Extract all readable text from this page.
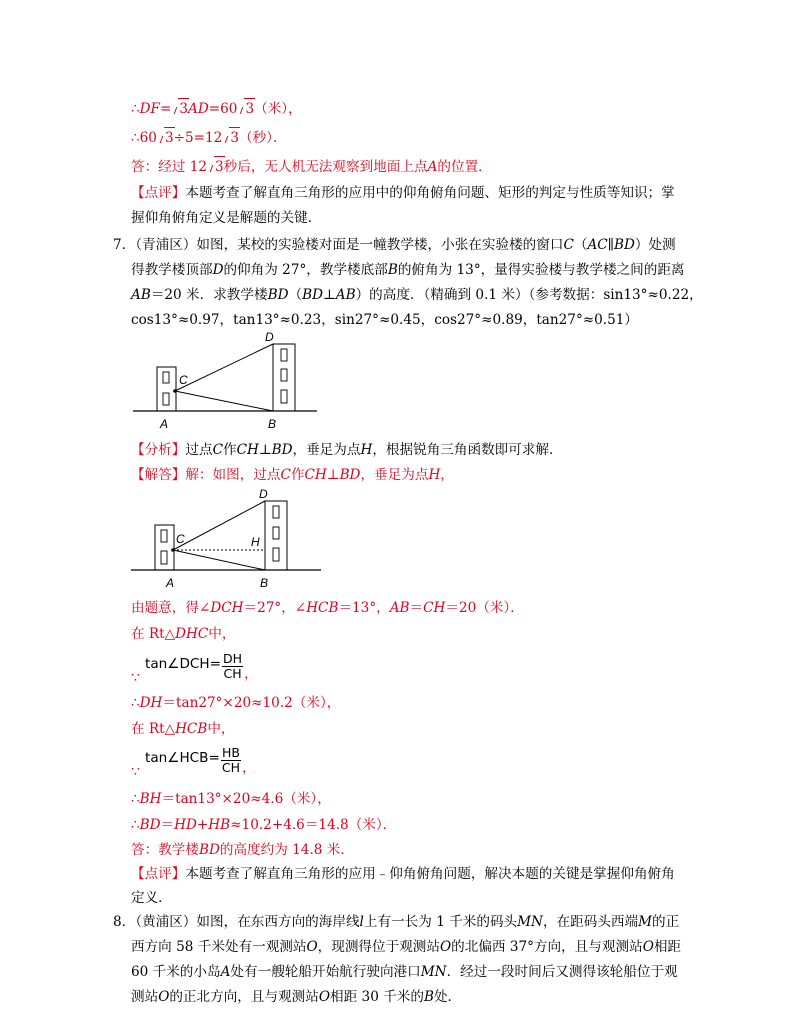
∴DF= 3AD=60 3（米），
∴60 3÷5=12 3（秒）．
答：经过 12 3秒后，无人机无法观察到地面上点A的位置．
【点评】本题考查了解直角三角形的应用中的仰角俯角问题、矩形的判定与性质等知识；掌
握仰角俯角定义是解题的关键．
7．（青浦区）如图，某校的实验楼对面是一幢教学楼，小张在实验楼的窗口C（AC∥BD）处测
得教学楼顶部D的仰角为 27°，教学楼底部B的俯角为 13°，量得实验楼与教学楼之间的距离
AB＝20 米．求教学楼BD（BD⊥AB）的高度．（精确到 0.1 米）（参考数据：sin13°≈0.22，
cos13°≈0.97，tan13°≈0.23，sin27°≈0.45，cos27°≈0.89，tan27°≈0.51）
D
C
A	B
【分析】过点C作CH⊥BD，垂足为点H，根据锐角三角函数即可求解．
【解答】解：如图，过点C作CH⊥BD，垂足为点H，
D
C	H
A	B
由题意，得∠DCH＝27°，∠HCB＝13°，AB＝CH＝20（米）．
在 Rt△DHC中，
∵tan∠DCH= $\frac{DH}{CH}$ ，
∴DH＝tan27°×20≈10.2（米），
在 Rt△HCB中，
∵tan∠HCB= $\frac{HB}{CH}$ ，
∴BH＝tan13°×20≈4.6（米），
∴BD＝HD+HB≈10.2+4.6＝14.8（米）．
答：教学楼BD的高度约为 14.8 米．
【点评】本题考查了解直角三角形的应用﹣仰角俯角问题，解决本题的关键是掌握仰角俯角
定义．
8．（黄浦区）如图，在东西方向的海岸线l上有一长为 1 千米的码头MN，在距码头西端M的正
西方向 58 千米处有一观测站O，现测得位于观测站O的北偏西 37°方向，且与观测站O相距
60 千米的小岛A处有一艘轮船开始航行驶向港口MN．经过一段时间后又测得该轮船位于观
测站O的正北方向，且与观测站O相距 30 千米的B处．
